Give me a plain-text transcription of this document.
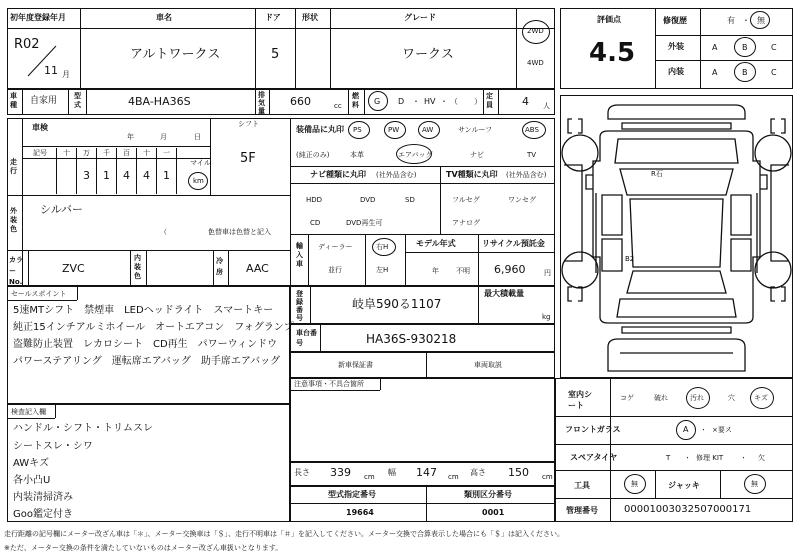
初年度登録年月
R02
11 月
車名
アルトワークス
ドア
5
形状	グレード
ワークス
2WD
4WD
評価点
4.5
修復歴	有 ・ 無
外装	A	B	C
内装	A	B	C
車種	自家用 型式	4BA-HA36S	排気量
660	cc
燃料	G D ・ HV ・ （　　）
定員	4 人
車検
年	月	日
シフト
5F
走行
記号 十 万 千 百 十 一
3 1 4 4 1
マイル
km
装備品に丸印
(純正のみ)
PS	PW	AW	サンルーフ	ABS
本革	エアバッグ	ナビ	TV
ナビ種類に丸印 (社外品含む)
HDD	DVD	SD
CD	DVD再生可
TV種類に丸印 (社外品含む)
フルセグ	ワンセグ
アナログ
外装色
シルバー
（　　　　　　）
色替車は色替と記入
輸入車
ディーラー
並行
右H
左H
モデル年式
年 不明
リサイクル預託金
6,960	円
カラーNo.
ZVC
内装色
冷房 AAC
登録番号
岐阜590る1107
最大積載量
kg
車台番号	HA36S-930218
新車保証書	車両取説
注意事項・不具合箇所
セールスポイント
5速MTシフト　禁煙車　LEDヘッドライト　スマートキー
純正15インチアルミホイール　オートエアコン　フォグランプ
盗難防止装置　レカロシート　CD再生　パワーウィンドウ
パワーステアリング　運転席エアバッグ　助手席エアバッグ
検査記入欄
ハンドル・シフト・トリムスレ
シートスレ・シワ
AWキズ
各小凸U
内装清掃済み
Goo鑑定付き
長さ 339 cm 幅 147 cm 高さ 150 cm
型式指定番号
19664
類別区分番号
0001
室内シート
コゲ	破れ	汚れ	穴	キズ
フロントガラス	A ・ ×要ス
スペアタイヤ	T ・ 修理 KIT ・ 欠
工具	無	ジャッキ	無
管理番号	00001003032507000171
走行距離の記号欄にメーター改ざん車は「＊」、メーター交換車は「＄」、走行不明車は「＃」を記入してください。メーター交換で合算表示した場合にも「＄」は記入ください。
※ただ、メーター交換の条件を満たしていないものはメーター改ざん車扱いとなります。
R石
B2
